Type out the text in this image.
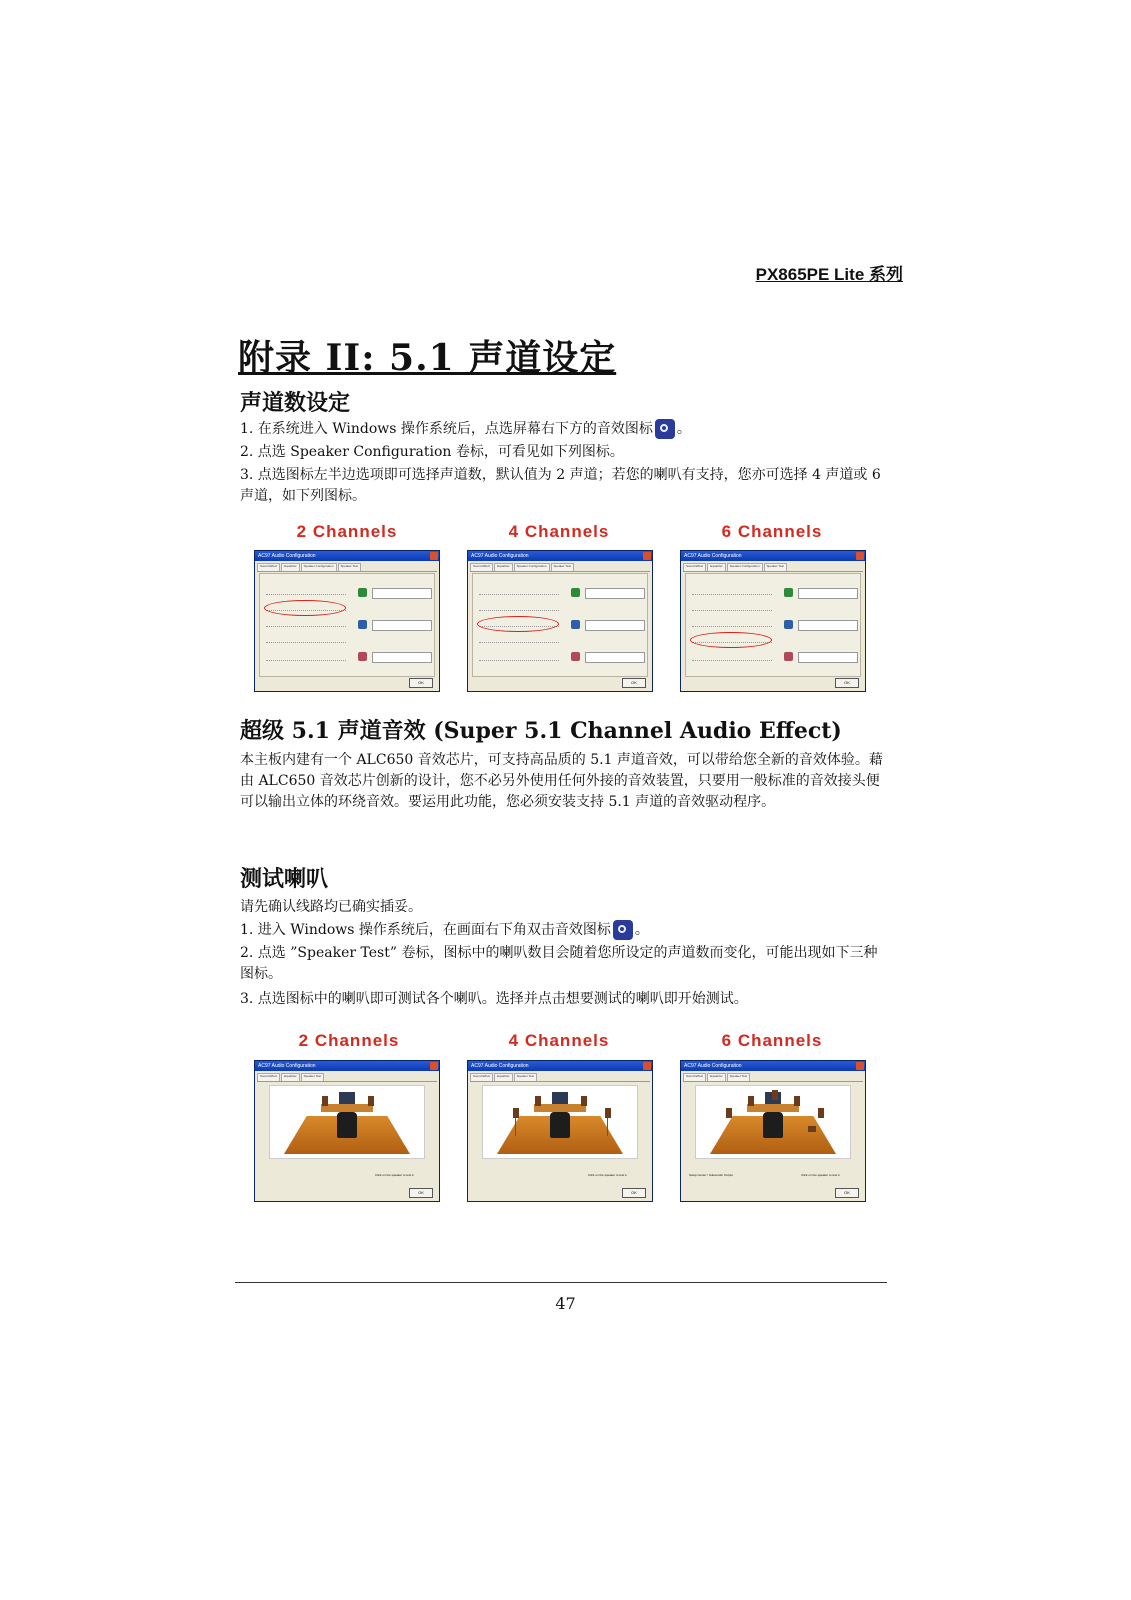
PX865PE Lite 系列
附录 II: 5.1 声道设定
声道数设定

1. 在系统进入 Windows 操作系统后，点选屏幕右下方的音效图标 。

2. 点选 Speaker Configuration 卷标，可看见如下列图标。

3. 点选图标左半边选项即可选择声道数，默认值为 2 声道；若您的喇叭有支持，您亦可选择 4 声道或 6 声道，如下列图标。

2 Channels	4 Channels	6 Channels
AC97 Audio Configuration
Sound Effect	Equalizer	Speaker Configuration	Speaker Test
OK
AC97 Audio Configuration
Sound Effect	Equalizer	Speaker Configuration	Speaker Test
OK
AC97 Audio Configuration
Sound Effect	Equalizer	Speaker Configuration	Speaker Test
OK
超级 5.1 声道音效 (Super 5.1 Channel Audio Effect)
本主板内建有一个 ALC650 音效芯片，可支持高品质的 5.1 声道音效，可以带给您全新的音效体验。藉由 ALC650 音效芯片创新的设计，您不必另外使用任何外接的音效装置，只要用一般标准的音效接头便可以输出立体的环绕音效。要运用此功能，您必须安装支持 5.1 声道的音效驱动程序。
测试喇叭

请先确认线路均已确实插妥。

1. 进入 Windows 操作系统后，在画面右下角双击音效图标 。

2. 点选 ”Speaker Test” 卷标，图标中的喇叭数目会随着您所设定的声道数而变化，可能出现如下三种图标。

3. 点选图标中的喇叭即可测试各个喇叭。选择并点击想要测试的喇叭即开始测试。

2 Channels	4 Channels	6 Channels
AC97 Audio Configuration
Sound Effect	Equalizer	Speaker Test
Click on the speaker to test it.
OK
AC97 Audio Configuration
Sound Effect	Equalizer	Speaker Test
Click on the speaker to test it.
OK
AC97 Audio Configuration
Sound Effect	Equalizer	Speaker Test
Swap Center / Subwoofer Output	Click on the speaker to test it.
OK
47
